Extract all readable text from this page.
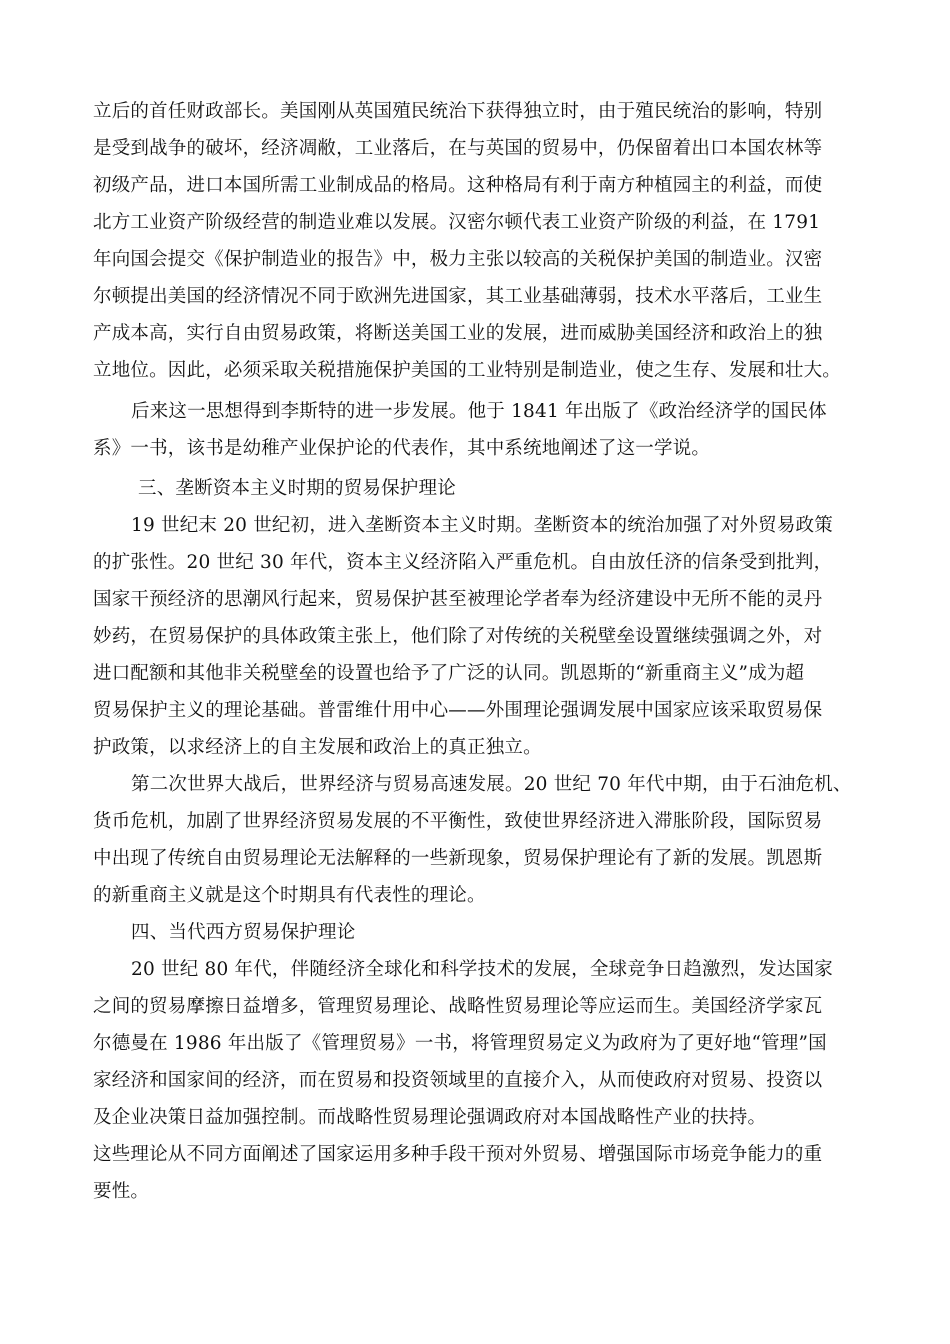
立后的首任财政部长。美国刚从英国殖民统治下获得独立时，由于殖民统治的影响，特别
是受到战争的破坏，经济凋敝，工业落后，在与英国的贸易中，仍保留着出口本国农林等
初级产品，进口本国所需工业制成品的格局。这种格局有利于南方种植园主的利益，而使
北方工业资产阶级经营的制造业难以发展。汉密尔顿代表工业资产阶级的利益，在 1791
年向国会提交《保护制造业的报告》中，极力主张以较高的关税保护美国的制造业。汉密
尔顿提出美国的经济情况不同于欧洲先进国家，其工业基础薄弱，技术水平落后，工业生
产成本高，实行自由贸易政策，将断送美国工业的发展，进而威胁美国经济和政治上的独
立地位。因此，必须采取关税措施保护美国的工业特别是制造业，使之生存、发展和壮大。
后来这一思想得到李斯特的进一步发展。他于 1841 年出版了《政治经济学的国民体
系》一书，该书是幼稚产业保护论的代表作，其中系统地阐述了这一学说。
三、垄断资本主义时期的贸易保护理论
19 世纪末 20 世纪初，进入垄断资本主义时期。垄断资本的统治加强了对外贸易政策
的扩张性。20 世纪 30 年代，资本主义经济陷入严重危机。自由放任济的信条受到批判，
国家干预经济的思潮风行起来，贸易保护甚至被理论学者奉为经济建设中无所不能的灵丹
妙药，在贸易保护的具体政策主张上，他们除了对传统的关税壁垒设置继续强调之外，对
进口配额和其他非关税壁垒的设置也给予了广泛的认同。凯恩斯的“新重商主义”成为超
贸易保护主义的理论基础。普雷维什用中心——外围理论强调发展中国家应该采取贸易保
护政策，以求经济上的自主发展和政治上的真正独立。
第二次世界大战后，世界经济与贸易高速发展。20 世纪 70 年代中期，由于石油危机、
货币危机，加剧了世界经济贸易发展的不平衡性，致使世界经济进入滞胀阶段，国际贸易
中出现了传统自由贸易理论无法解释的一些新现象，贸易保护理论有了新的发展。凯恩斯
的新重商主义就是这个时期具有代表性的理论。
四、当代西方贸易保护理论
20 世纪 80 年代，伴随经济全球化和科学技术的发展，全球竞争日趋激烈，发达国家
之间的贸易摩擦日益增多，管理贸易理论、战略性贸易理论等应运而生。美国经济学家瓦
尔德曼在 1986 年出版了《管理贸易》一书，将管理贸易定义为政府为了更好地“管理”国
家经济和国家间的经济，而在贸易和投资领域里的直接介入，从而使政府对贸易、投资以
及企业决策日益加强控制。而战略性贸易理论强调政府对本国战略性产业的扶持。
这些理论从不同方面阐述了国家运用多种手段干预对外贸易、增强国际市场竞争能力的重
要性。
